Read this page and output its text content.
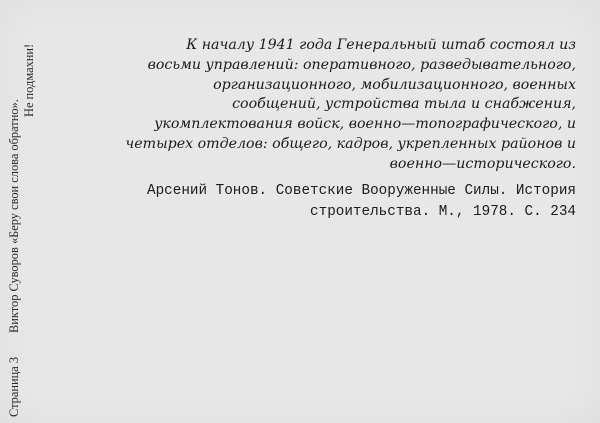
Страница 3Виктор Суворов «Беру свои слова обратно».
Не подмахни!	К началу 1941 года Генеральный штаб состоял из
восьми управлений: оперативного, разведывательного,
организационного, мобилизационного, военных
сообщений, устройства тыла и снабжения,
укомплектования войск, военно—топографического, и
четырех отделов: общего, кадров, укрепленных районов и
военно—исторического.

Арсений Тонов. Советские Вооруженные Силы. История
строительства. М., 1978. С. 234
